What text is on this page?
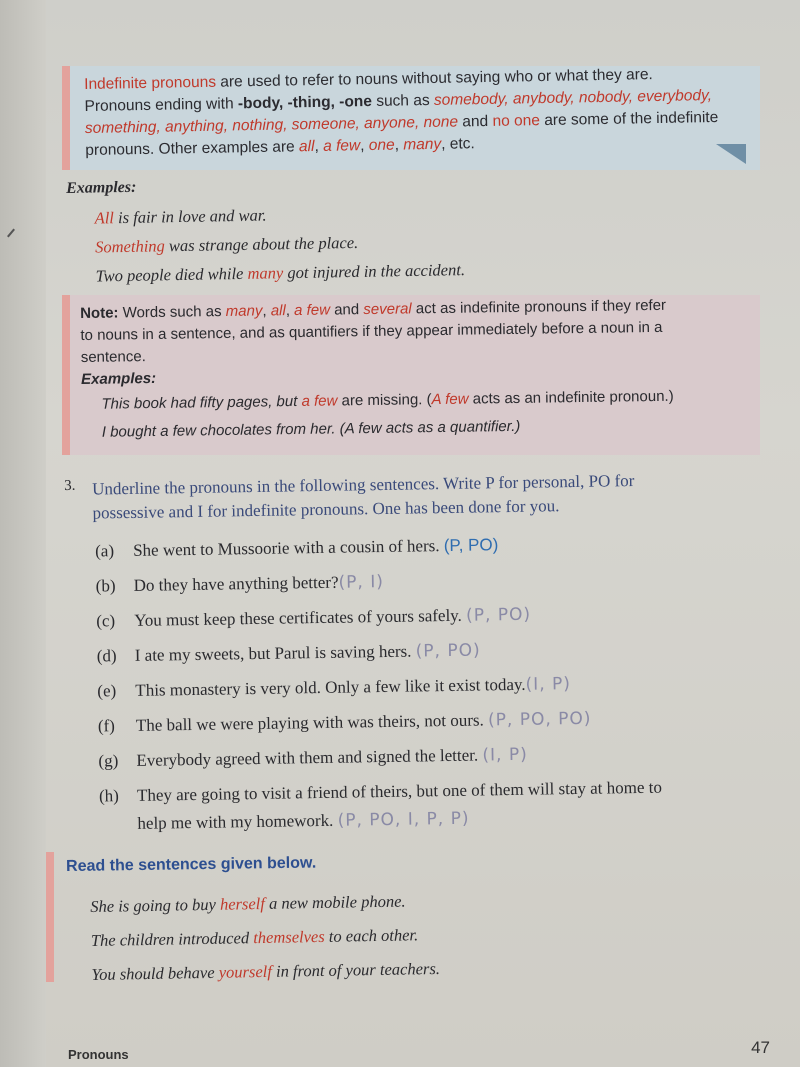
Indefinite pronouns are used to refer to nouns without saying who or what they are.
Pronouns ending with -body, -thing, -one such as somebody, anybody, nobody, everybody,
something, anything, nothing, someone, anyone, none and no one are some of the indefinite
pronouns. Other examples are all, a few, one, many, etc.
Examples:
All is fair in love and war.
Something was strange about the place.
Two people died while many got injured in the accident.
Note: Words such as many, all, a few and several act as indefinite pronouns if they refer
to nouns in a sentence, and as quantifiers if they appear immediately before a noun in a
sentence.
Examples:
This book had fifty pages, but a few are missing. (A few acts as an indefinite pronoun.)
I bought a few chocolates from her. (A few acts as a quantifier.)
3. Underline the pronouns in the following sentences. Write P for personal, PO for
possessive and I for indefinite pronouns. One has been done for you.
(a) She went to Mussoorie with a cousin of hers. (P, PO)
(b) Do they have anything better?(P, I)
(c) You must keep these certificates of yours safely. (P, PO)
(d) I ate my sweets, but Parul is saving hers. (P, PO)
(e) This monastery is very old. Only a few like it exist today.(I, P)
(f) The ball we were playing with was theirs, not ours. (P, PO, PO)
(g) Everybody agreed with them and signed the letter. (I, P)
(h) They are going to visit a friend of theirs, but one of them will stay at home to
help me with my homework. (P, PO, I, P, P)
Read the sentences given below.
She is going to buy herself a new mobile phone.
The children introduced themselves to each other.
You should behave yourself in front of your teachers.
Pronouns	47
